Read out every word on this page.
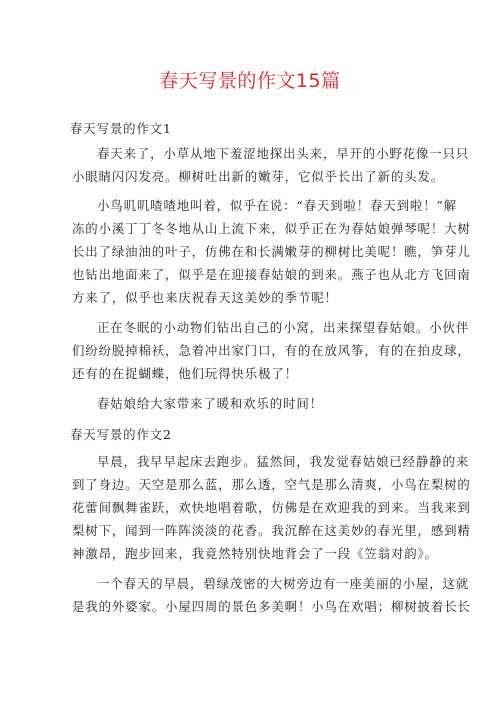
春天写景的作文15篇
春天写景的作文1
春天来了，小草从地下羞涩地探出头来，早开的小野花像一只只
小眼睛闪闪发亮。柳树吐出新的嫩芽，它似乎长出了新的头发。
小鸟叽叽喳喳地叫着，似乎在说：“春天到啦！春天到啦！”解
冻的小溪丁丁冬冬地从山上流下来，似乎正在为春姑娘弹琴呢！大树
长出了绿油油的叶子，仿佛在和长满嫩芽的柳树比美呢！瞧，笋芽儿
也钻出地面来了，似乎是在迎接春姑娘的到来。燕子也从北方飞回南
方来了，似乎也来庆祝春天这美妙的季节呢！
正在冬眠的小动物们钻出自己的小窝，出来探望春姑娘。小伙伴
们纷纷脱掉棉袄，急着冲出家门口，有的在放风筝，有的在拍皮球，
还有的在捉蝴蝶，他们玩得快乐极了！
春姑娘给大家带来了暖和欢乐的时间！
春天写景的作文2
早晨，我早早起床去跑步。猛然间，我发觉春姑娘已经静静的来
到了身边。天空是那么蓝，那么透，空气是那么清爽，小鸟在梨树的
花蕾间飘舞雀跃，欢快地唱着歌，仿佛是在欢迎我的到来。当我来到
梨树下，闻到一阵阵淡淡的花香。我沉醉在这美妙的春光里，感到精
神激昂，跑步回来，我竟然特别快地背会了一段《笠翁对韵》。
一个春天的早晨，碧绿茂密的大树旁边有一座美丽的小屋，这就
是我的外婆家。小屋四周的景色多美啊！小鸟在欢唱；柳树披着长长
